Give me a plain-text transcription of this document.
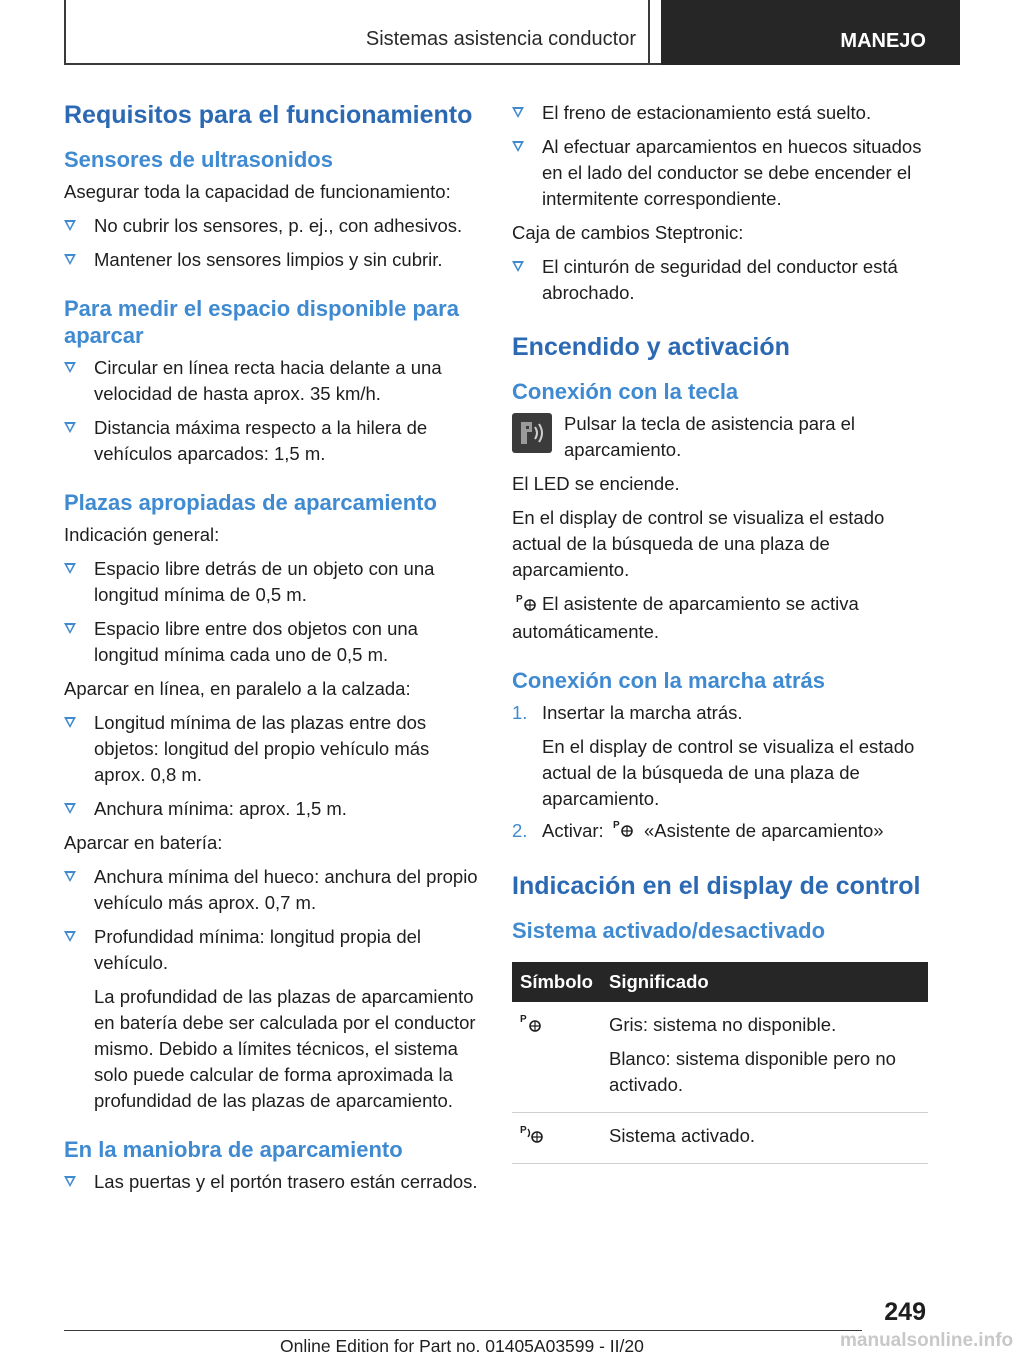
Sistemas asistencia conductor	MANEJO
Requisitos para el funcionamiento
Sensores de ultrasonidos
Asegurar toda la capacidad de funcionamiento:
No cubrir los sensores, p. ej., con adhesivos.
Mantener los sensores limpios y sin cubrir.
Para medir el espacio disponible para aparcar
Circular en línea recta hacia delante a una velocidad de hasta aprox. 35 km/h.
Distancia máxima respecto a la hilera de vehículos aparcados: 1,5 m.
Plazas apropiadas de aparcamiento
Indicación general:
Espacio libre detrás de un objeto con una longitud mínima de 0,5 m.
Espacio libre entre dos objetos con una longitud mínima cada uno de 0,5 m.
Aparcar en línea, en paralelo a la calzada:
Longitud mínima de las plazas entre dos objetos: longitud del propio vehículo más aprox. 0,8 m.
Anchura mínima: aprox. 1,5 m.
Aparcar en batería:
Anchura mínima del hueco: anchura del propio vehículo más aprox. 0,7 m.
Profundidad mínima: longitud propia del vehículo.
La profundidad de las plazas de aparcamiento en batería debe ser calculada por el conductor mismo. Debido a límites técnicos, el sistema solo puede calcular de forma aproximada la profundidad de las plazas de aparcamiento.
En la maniobra de aparcamiento
Las puertas y el portón trasero están cerrados.
El freno de estacionamiento está suelto.
Al efectuar aparcamientos en huecos situados en el lado del conductor se debe encender el intermitente correspondiente.
Caja de cambios Steptronic:
El cinturón de seguridad del conductor está abrochado.
Encendido y activación
Conexión con la tecla
Pulsar la tecla de asistencia para el aparcamiento.
El LED se enciende.
En el display de control se visualiza el estado actual de la búsqueda de una plaza de aparcamiento.
P El asistente de aparcamiento se activa automáticamente.
Conexión con la marcha atrás
1. Insertar la marcha atrás.
En el display de control se visualiza el estado actual de la búsqueda de una plaza de aparcamiento.
2. Activar: P «Asistente de aparcamiento»
Indicación en el display de control
Sistema activado/desactivado
Símbolo	Significado

P	Gris: sistema no disponible.

Blanco: sistema disponible pero no activado.

P	Sistema activado.

249
Online Edition for Part no. 01405A03599 - II/20	manualsonline.info
